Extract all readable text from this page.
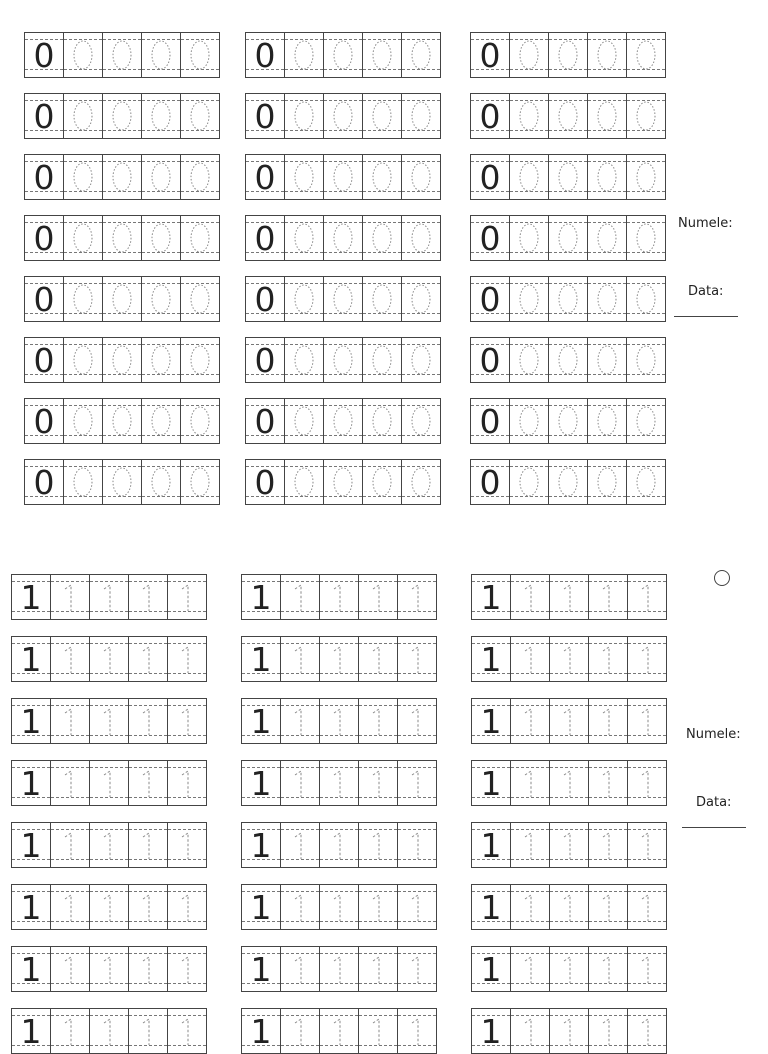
Numele:
Data:
0	0	0
0	0	0
0	0	0
0	0	0
0	0	0
0	0	0
0	0	0
0	0	0
Numele:
Data:
1	1	1
1	1	1
1	1	1
1	1	1
1	1	1
1	1	1
1	1	1
1	1	1
